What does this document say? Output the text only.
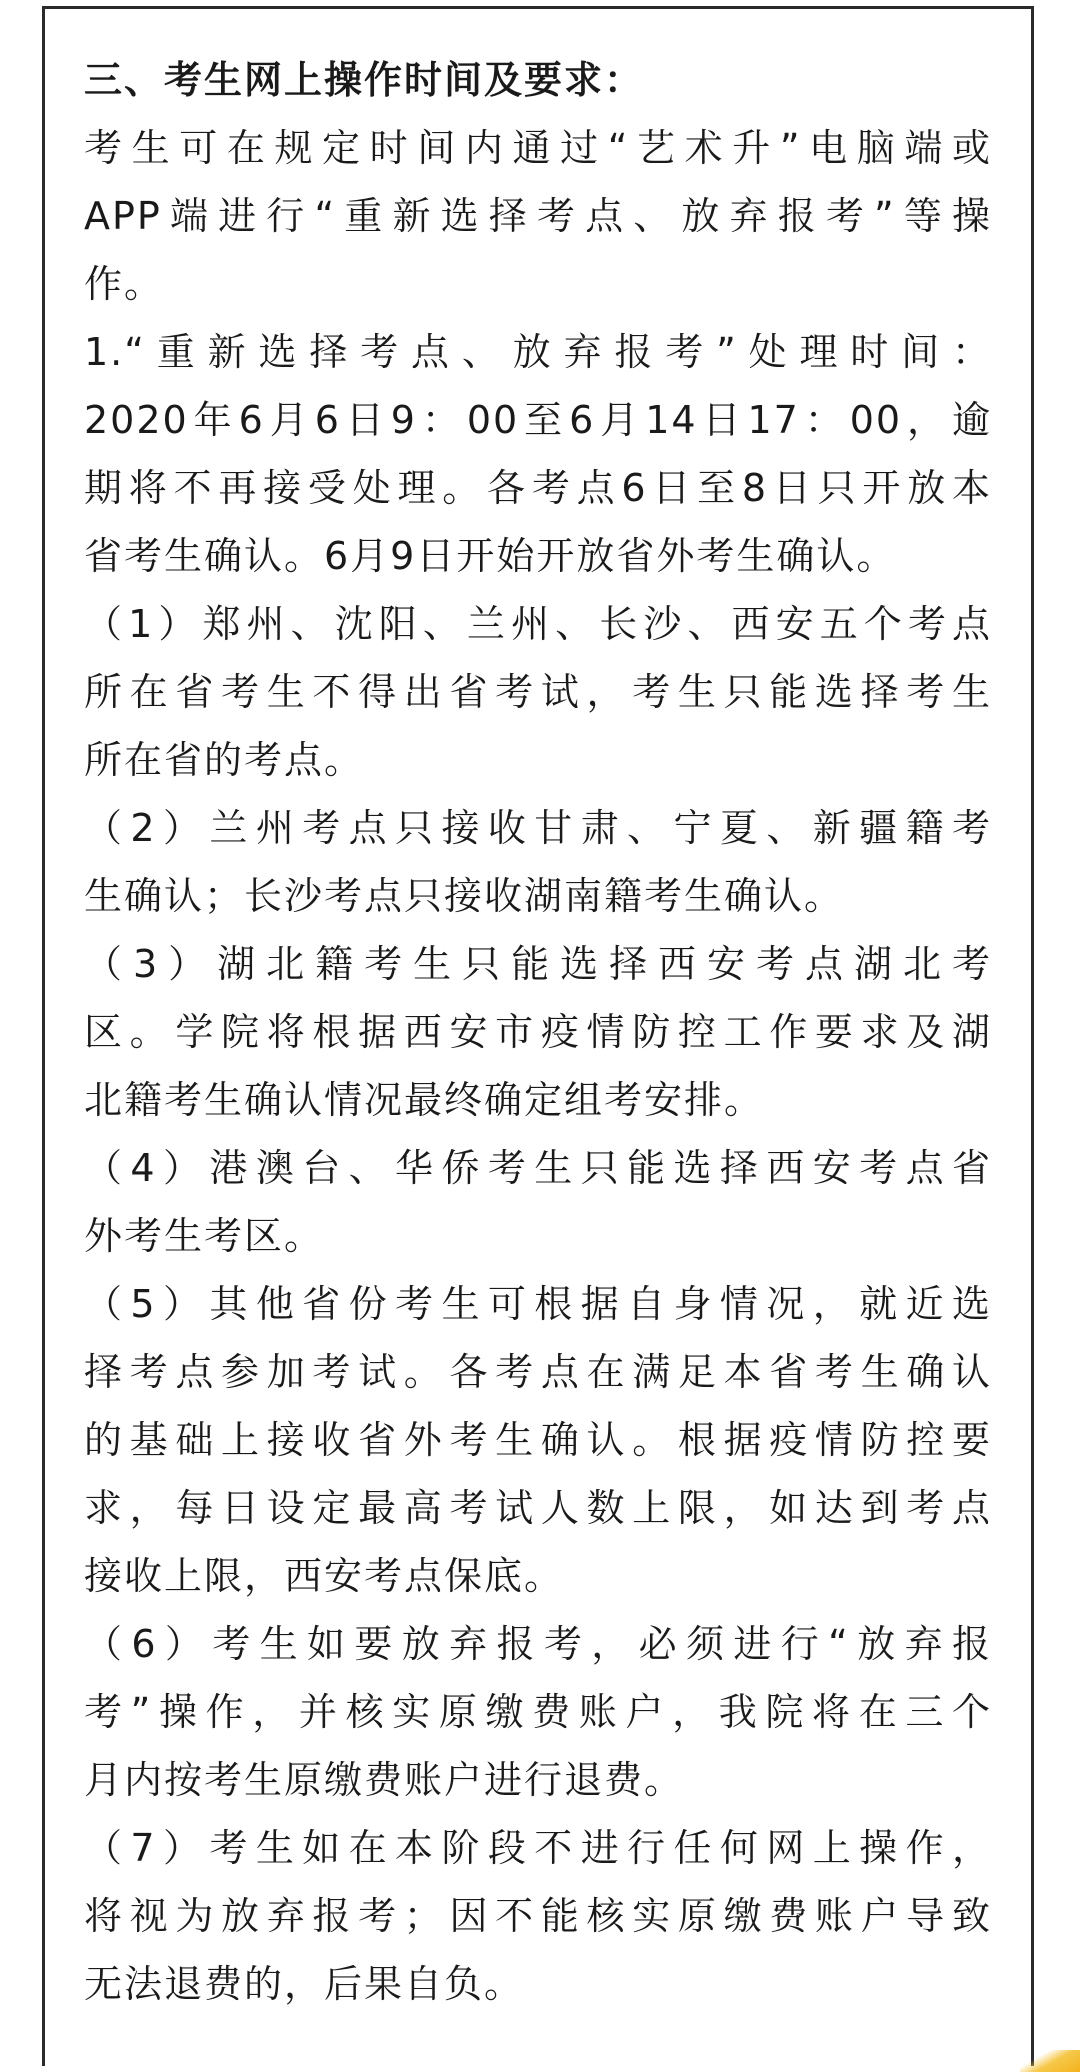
三、考生网上操作时间及要求：
考生可在规定时间内通过“艺术升”电脑端或
APP端进行“重新选择考点、放弃报考”等操
作。
1.“重新选择考点、放弃报考”处理时间：
2020年6月6日9：00至6月14日17：00，逾
期将不再接受处理。各考点6日至8日只开放本
省考生确认。6月9日开始开放省外考生确认。
（1）郑州、沈阳、兰州、长沙、西安五个考点
所在省考生不得出省考试，考生只能选择考生
所在省的考点。
（2）兰州考点只接收甘肃、宁夏、新疆籍考
生确认；长沙考点只接收湖南籍考生确认。
（3）湖北籍考生只能选择西安考点湖北考
区。学院将根据西安市疫情防控工作要求及湖
北籍考生确认情况最终确定组考安排。
（4）港澳台、华侨考生只能选择西安考点省
外考生考区。
（5）其他省份考生可根据自身情况，就近选
择考点参加考试。各考点在满足本省考生确认
的基础上接收省外考生确认。根据疫情防控要
求，每日设定最高考试人数上限，如达到考点
接收上限，西安考点保底。
（6）考生如要放弃报考，必须进行“放弃报
考”操作，并核实原缴费账户，我院将在三个
月内按考生原缴费账户进行退费。
（7）考生如在本阶段不进行任何网上操作，
将视为放弃报考；因不能核实原缴费账户导致
无法退费的，后果自负。
